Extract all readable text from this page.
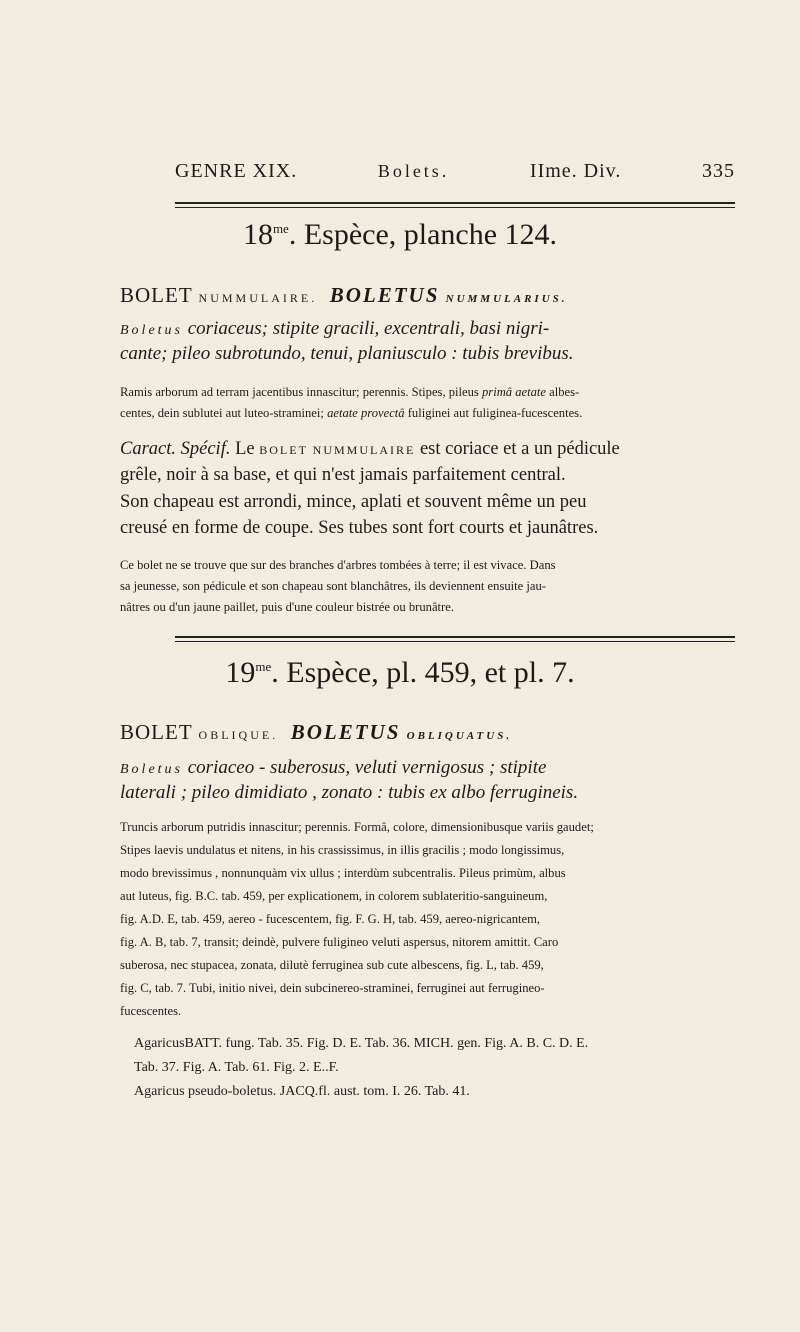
GENRE XIX.	Bolets.	IIme. Div.	335
$18^{me}$. Espèce, planche 124.
BOLET NUMMULAIRE. BOLETUS NUMMULARIUS.
Boletus coriaceus; stipite gracili, excentrali, basi nigri-
cante; pileo subrotundo, tenui, planiusculo : tubis brevibus.
Ramis arborum ad terram jacentibus innascitur; perennis. Stipes, pileus primâ aetate albes-
centes, dein sublutei aut luteo-straminei; aetate provectâ fuliginei aut fuliginea-fucescentes.
Caract. Spécif. Le BOLET NUMMULAIRE est coriace et a un pédicule
grêle, noir à sa base, et qui n'est jamais parfaitement central.
Son chapeau est arrondi, mince, aplati et souvent même un peu
creusé en forme de coupe. Ses tubes sont fort courts et jaunâtres.
Ce bolet ne se trouve que sur des branches d'arbres tombées à terre; il est vivace. Dans
sa jeunesse, son pédicule et son chapeau sont blanchâtres, ils deviennent ensuite jau-
nâtres ou d'un jaune paillet, puis d'une couleur bistrée ou brunâtre.
$19^{me}$. Espèce, pl. 459, et pl. 7.
BOLET OBLIQUE. BOLETUS OBLIQUATUS.
Boletus coriaceo - suberosus, veluti vernigosus ; stipite
laterali ; pileo dimidiato , zonato : tubis ex albo ferrugineis.

Truncis arborum putridis innascitur; perennis. Formâ, colore, dimensionibusque variis gaudet;

Stipes laevis undulatus et nitens, in his crassissimus, in illis gracilis ; modo longissimus,

modo brevissimus , nonnunquàm vix ullus ; interdùm subcentralis. Pileus primùm, albus

aut luteus, fig. B.C. tab. 459, per explicationem, in colorem sublateritio-sanguineum,

fig. A.D. E, tab. 459, aereo - fucescentem, fig. F. G. H, tab. 459, aereo-nigricantem,

fig. A. B, tab. 7, transit; deindè, pulvere fuligineo veluti aspersus, nitorem amittit. Caro

suberosa, nec stupacea, zonata, dilutè ferruginea sub cute albescens, fig. L, tab. 459,

fig. C, tab. 7. Tubi, initio nivei, dein subcinereo-straminei, ferruginei aut ferrugineo-

fucescentes.

AgaricusBATT. fung. Tab. 35. Fig. D. E. Tab. 36. MICH. gen. Fig. A. B. C. D. E.

Tab. 37. Fig. A. Tab. 61. Fig. 2. E..F.

Agaricus pseudo-boletus. JACQ.fl. aust. tom. I. 26. Tab. 41.
